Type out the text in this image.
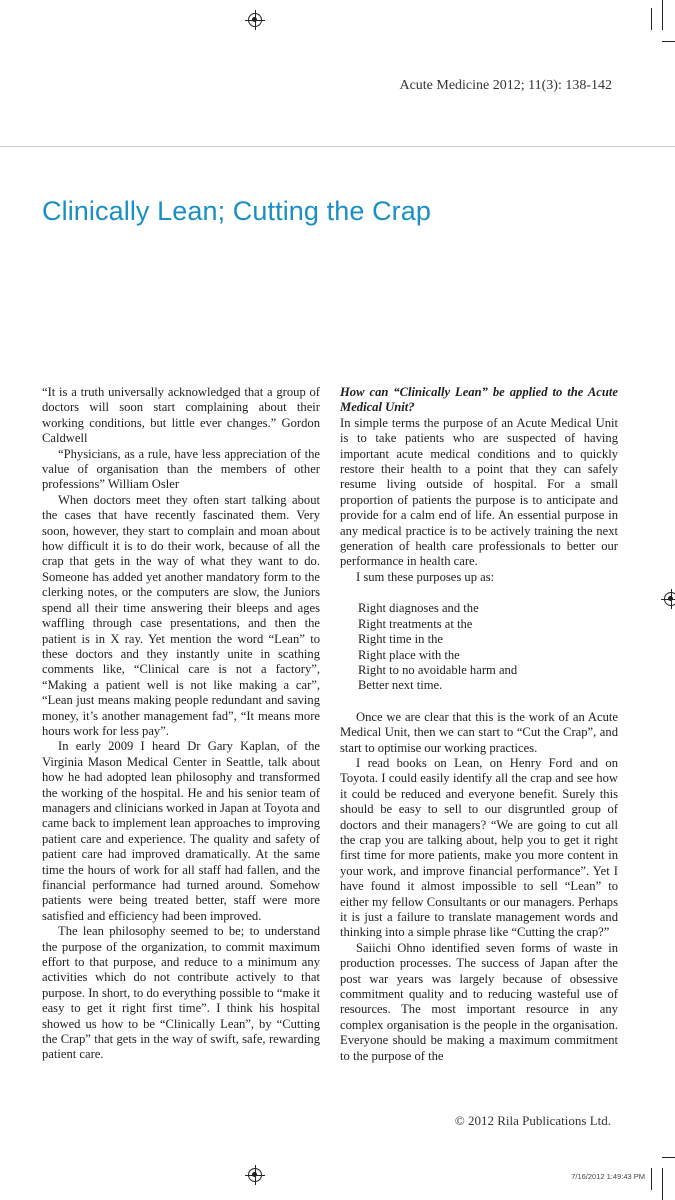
Acute Medicine 2012; 11(3): 138-142
Clinically Lean; Cutting the Crap

“It is a truth universally acknowledged that a group of doctors will soon start complaining about their working conditions, but little ever changes.” Gordon Caldwell

“Physicians, as a rule, have less appreciation of the value of organisation than the members of other professions” William Osler

When doctors meet they often start talking about the cases that have recently fascinated them. Very soon, however, they start to complain and moan about how difficult it is to do their work, because of all the crap that gets in the way of what they want to do. Someone has added yet another mandatory form to the clerking notes, or the computers are slow, the Juniors spend all their time answering their bleeps and ages waffling through case presentations, and then the patient is in X ray. Yet mention the word “Lean” to these doctors and they instantly unite in scathing comments like, “Clinical care is not a factory”, “Making a patient well is not like making a car”, “Lean just means making people redundant and saving money, it’s another management fad”, “It means more hours work for less pay”.

In early 2009 I heard Dr Gary Kaplan, of the Virginia Mason Medical Center in Seattle, talk about how he had adopted lean philosophy and transformed the working of the hospital. He and his senior team of managers and clinicians worked in Japan at Toyota and came back to implement lean approaches to improving patient care and experience. The quality and safety of patient care had improved dramatically. At the same time the hours of work for all staff had fallen, and the financial performance had turned around. Somehow patients were being treated better, staff were more satisfied and efficiency had been improved.

The lean philosophy seemed to be; to understand the purpose of the organization, to commit maximum effort to that purpose, and reduce to a minimum any activities which do not contribute actively to that purpose. In short, to do everything possible to “make it easy to get it right first time”. I think his hospital showed us how to be “Clinically Lean”, by “Cutting the Crap” that gets in the way of swift, safe, rewarding patient care.

How can “Clinically Lean” be applied to the Acute Medical Unit?

In simple terms the purpose of an Acute Medical Unit is to take patients who are suspected of having important acute medical conditions and to quickly restore their health to a point that they can safely resume living outside of hospital. For a small proportion of patients the purpose is to anticipate and provide for a calm end of life. An essential purpose in any medical practice is to be actively training the next generation of health care professionals to better our performance in health care.

I sum these purposes up as:

Right diagnoses and the
Right treatments at the
Right time in the
Right place with the
Right to no avoidable harm and
Better next time.

Once we are clear that this is the work of an Acute Medical Unit, then we can start to “Cut the Crap”, and start to optimise our working practices.

I read books on Lean, on Henry Ford and on Toyota. I could easily identify all the crap and see how it could be reduced and everyone benefit. Surely this should be easy to sell to our disgruntled group of doctors and their managers? “We are going to cut all the crap you are talking about, help you to get it right first time for more patients, make you more content in your work, and improve financial performance”. Yet I have found it almost impossible to sell “Lean” to either my fellow Consultants or our managers. Perhaps it is just a failure to translate management words and thinking into a simple phrase like “Cutting the crap?”

Saiichi Ohno identified seven forms of waste in production processes. The success of Japan after the post war years was largely because of obsessive commitment quality and to reducing wasteful use of resources. The most important resource in any complex organisation is the people in the organisation. Everyone should be making a maximum commitment to the purpose of the

© 2012 Rila Publications Ltd.
7/16/2012 1:49:43 PM
